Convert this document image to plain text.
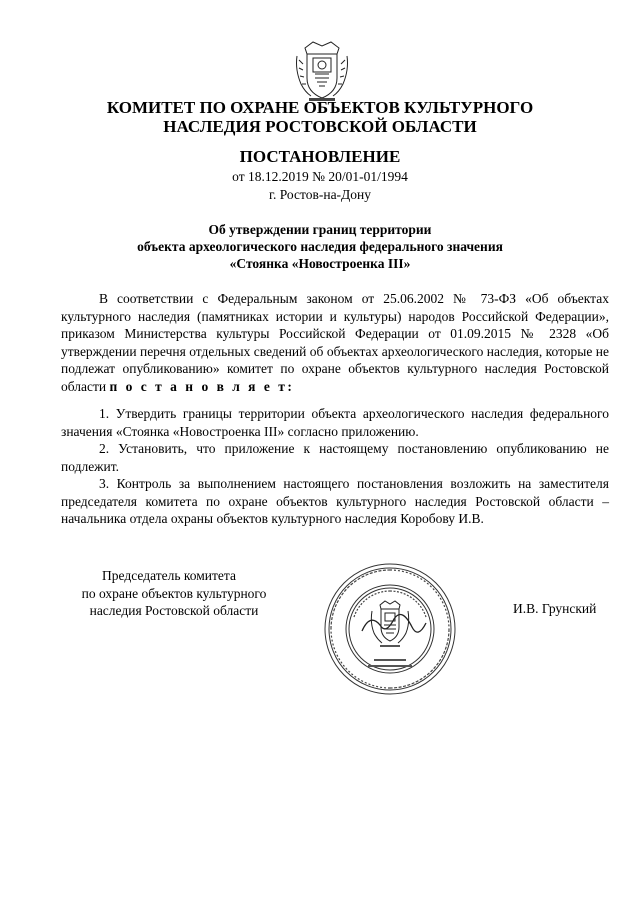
КОМИТЕТ ПО ОХРАНЕ ОБЪЕКТОВ КУЛЬТУРНОГО
НАСЛЕДИЯ РОСТОВСКОЙ ОБЛАСТИ
ПОСТАНОВЛЕНИЕ
от 18.12.2019 № 20/01-01/1994
г. Ростов-на-Дону
Об утверждении границ территории
объекта археологического наследия федерального значения
«Стоянка «Новостроенка III»
В соответствии с Федеральным законом от 25.06.2002 № 73-ФЗ «Об объектах культурного наследия (памятниках истории и культуры) народов Российской Федерации», приказом Министерства культуры Российской Федерации от 01.09.2015 № 2328 «Об утверждении перечня отдельных сведений об объектах археологического наследия, которые не подлежат опубликованию» комитет по охране объектов культурного наследия Ростовской области п о с т а н о в л я е т:
1. Утвердить границы территории объекта археологического наследия федерального значения «Стоянка «Новостроенка III» согласно приложению.
2. Установить, что приложение к настоящему постановлению опубликованию не подлежит.
3. Контроль за выполнением настоящего постановления возложить на заместителя председателя комитета по охране объектов культурного наследия Ростовской области – начальника отдела охраны объектов культурного наследия Коробову И.В.
Председатель комитета
по охране объектов культурного
наследия Ростовской области	И.В. Грунский
